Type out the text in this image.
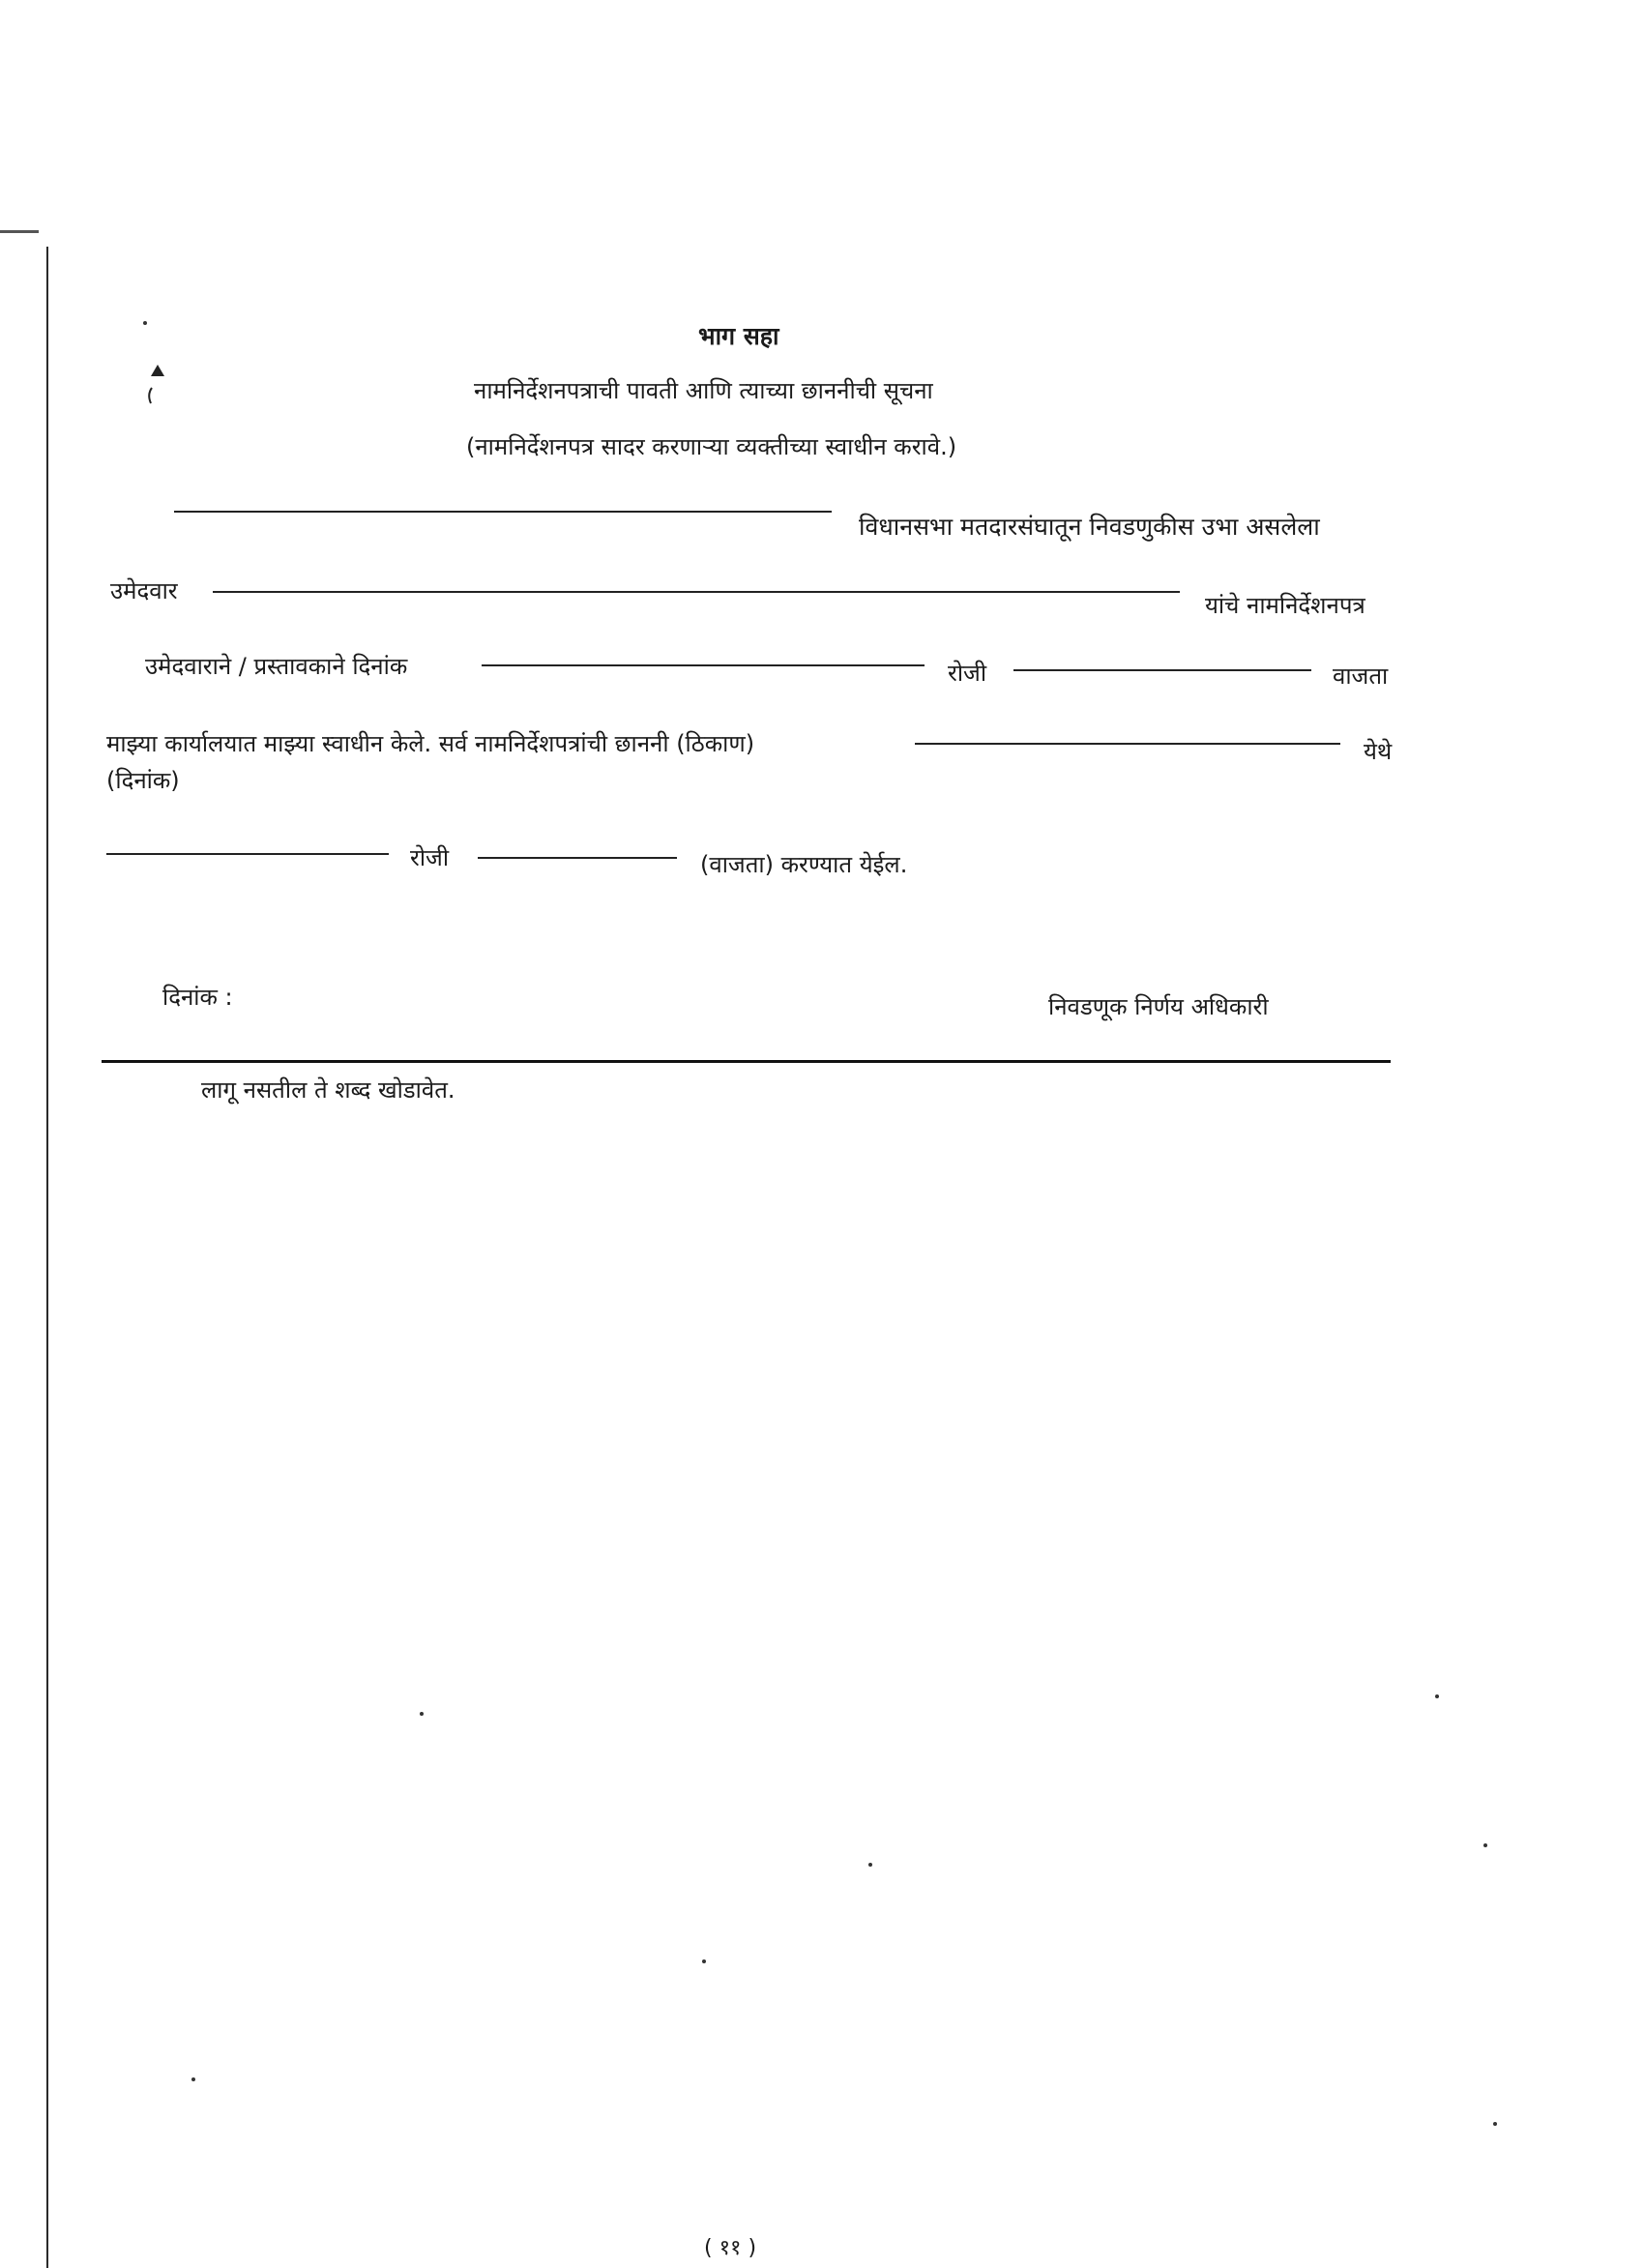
भाग सहा
नामनिर्देशनपत्राची पावती आणि त्याच्या छाननीची सूचना
(नामनिर्देशनपत्र सादर करणाऱ्या व्यक्तीच्या स्वाधीन करावे.)
विधानसभा मतदारसंघातून निवडणुकीस उभा असलेला
उमेदवार
यांचे नामनिर्देशनपत्र
उमेदवाराने / प्रस्तावकाने दिनांक	रोजी	वाजता
माझ्या कार्यालयात माझ्या स्वाधीन केले. सर्व नामनिर्देशपत्रांची छाननी (ठिकाण)	येथे
(दिनांक)
रोजी	(वाजता) करण्यात येईल.
दिनांक :	निवडणूक निर्णय अधिकारी
लागू नसतील ते शब्द खोडावेत.
( ११ )
